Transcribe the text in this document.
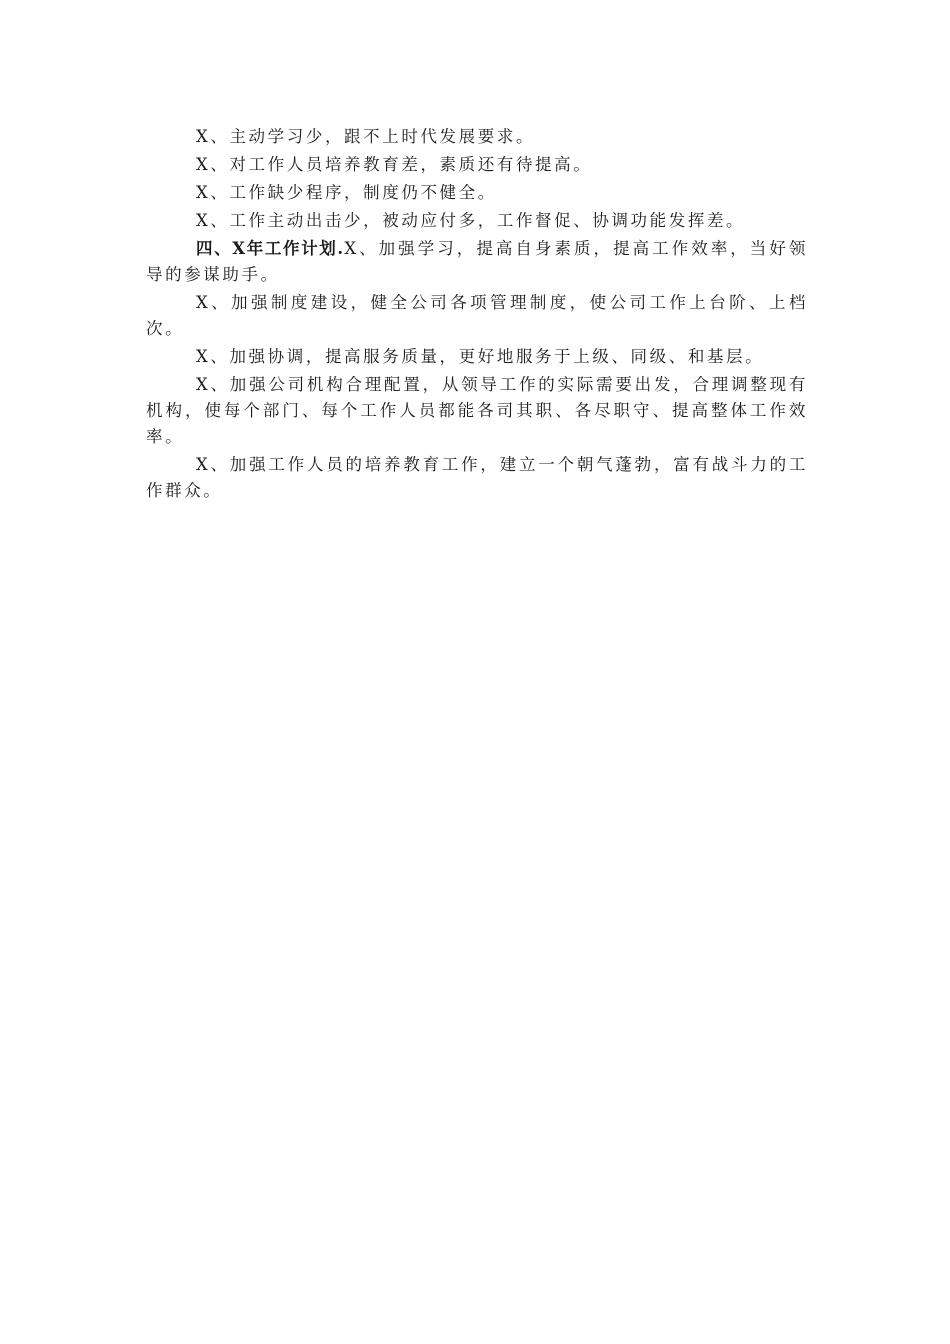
X、主动学习少，跟不上时代发展要求。

X、对工作人员培养教育差，素质还有待提高。

X、工作缺少程序，制度仍不健全。

X、工作主动出击少，被动应付多，工作督促、协调功能发挥差。

四、X年工作计划.X、加强学习，提高自身素质，提高工作效率，当好领导的参谋助手。

X、加强制度建设，健全公司各项管理制度，使公司工作上台阶、上档次。

X、加强协调，提高服务质量，更好地服务于上级、同级、和基层。

X、加强公司机构合理配置，从领导工作的实际需要出发，合理调整现有机构，使每个部门、每个工作人员都能各司其职、各尽职守、提高整体工作效率。

X、加强工作人员的培养教育工作，建立一个朝气蓬勃，富有战斗力的工作群众。
